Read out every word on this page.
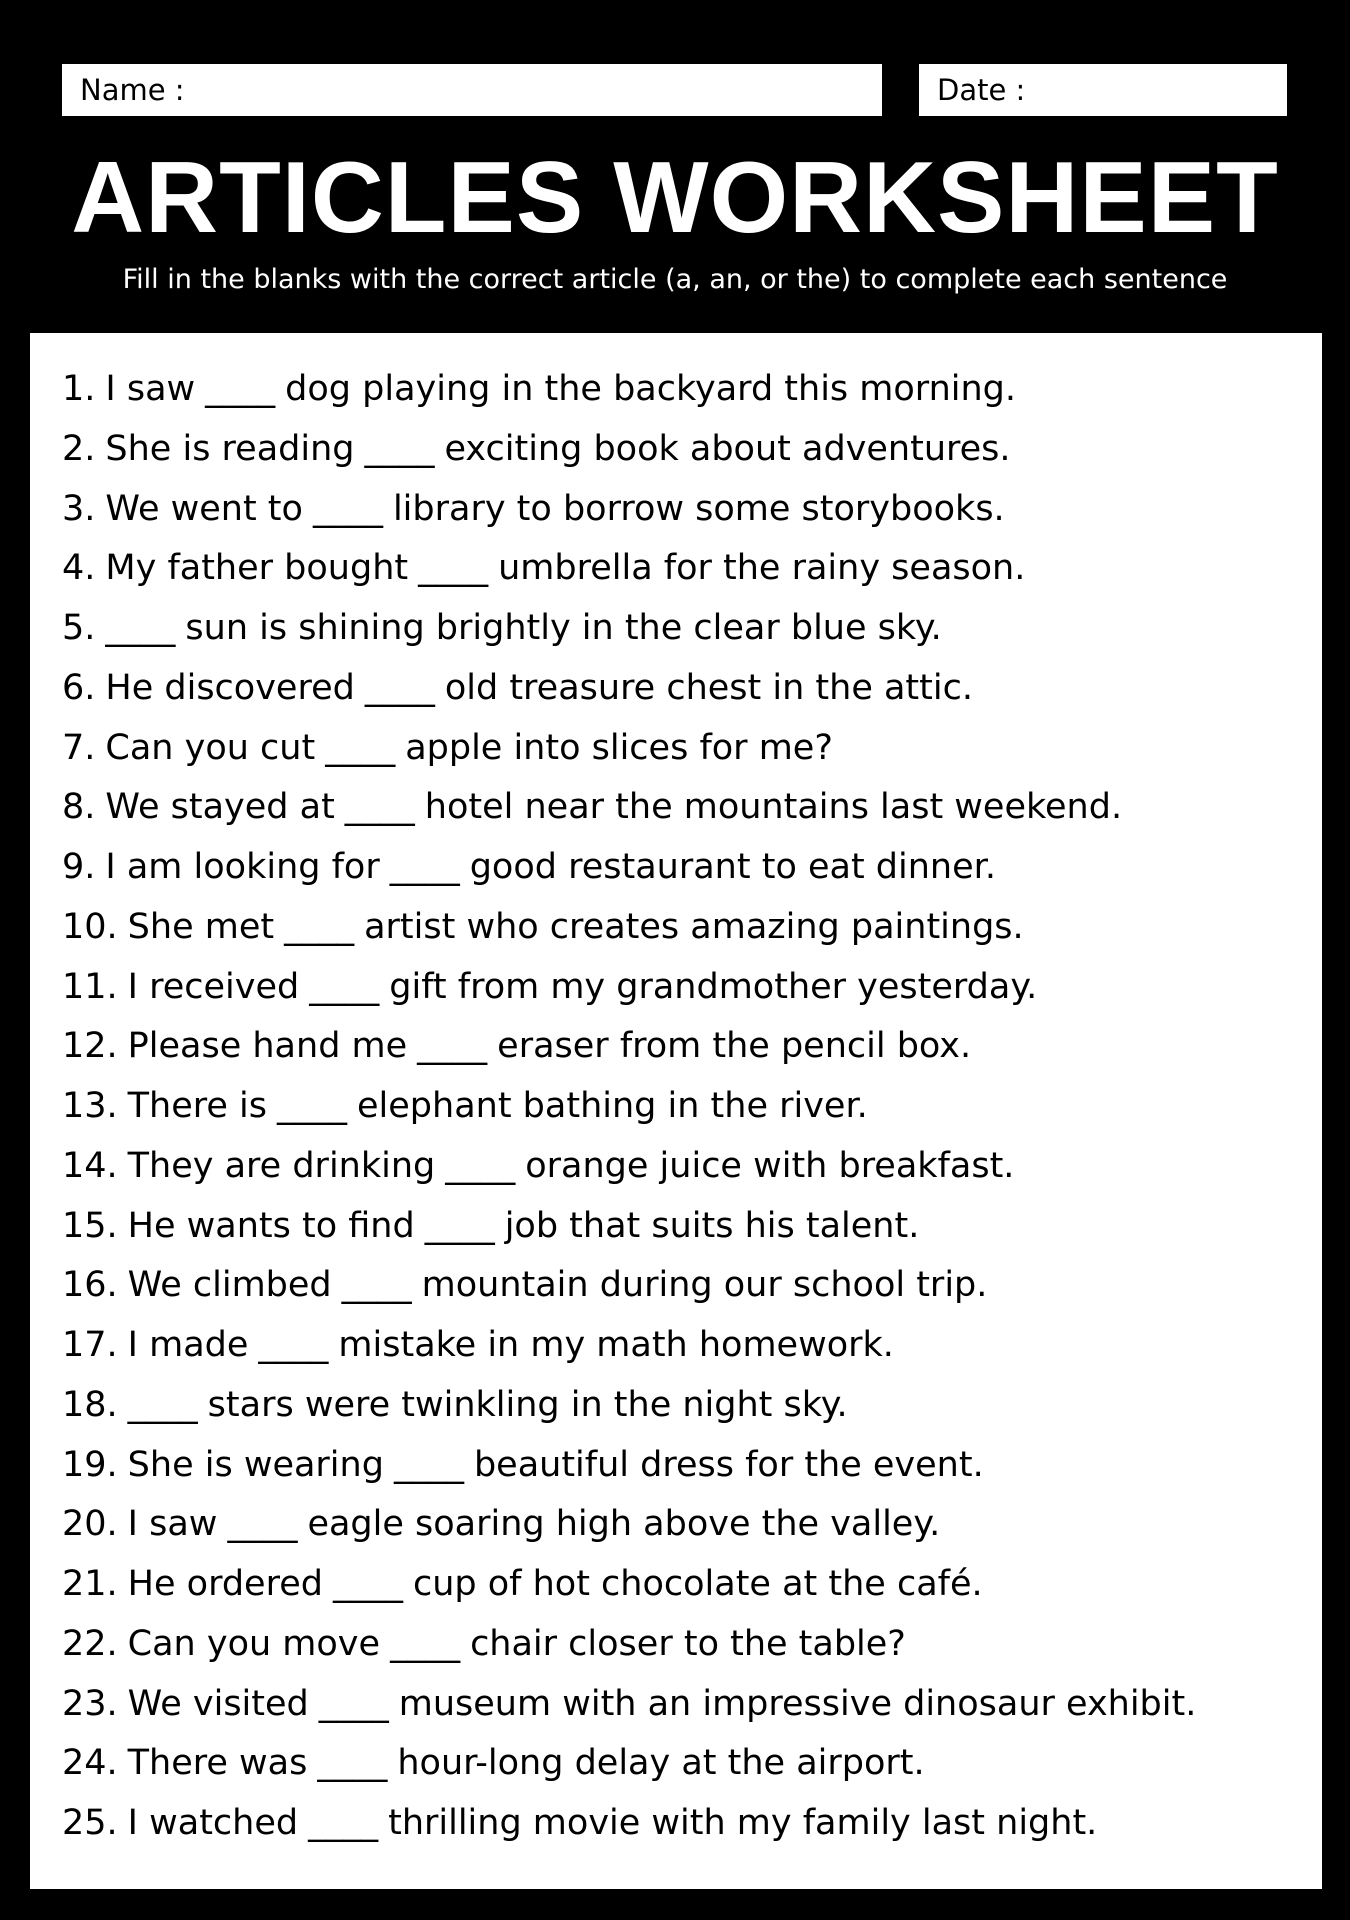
Name :	Date :
ARTICLES WORKSHEET

Fill in the blanks with the correct article (a, an, or the) to complete each sentence

1. I saw ____ dog playing in the backyard this morning.
2. She is reading ____ exciting book about adventures.
3. We went to ____ library to borrow some storybooks.
4. My father bought ____ umbrella for the rainy season.
5. ____ sun is shining brightly in the clear blue sky.
6. He discovered ____ old treasure chest in the attic.
7. Can you cut ____ apple into slices for me?
8. We stayed at ____ hotel near the mountains last weekend.
9. I am looking for ____ good restaurant to eat dinner.
10. She met ____ artist who creates amazing paintings.
11. I received ____ gift from my grandmother yesterday.
12. Please hand me ____ eraser from the pencil box.
13. There is ____ elephant bathing in the river.
14. They are drinking ____ orange juice with breakfast.
15. He wants to find ____ job that suits his talent.
16. We climbed ____ mountain during our school trip.
17. I made ____ mistake in my math homework.
18. ____ stars were twinkling in the night sky.
19. She is wearing ____ beautiful dress for the event.
20. I saw ____ eagle soaring high above the valley.
21. He ordered ____ cup of hot chocolate at the café.
22. Can you move ____ chair closer to the table?
23. We visited ____ museum with an impressive dinosaur exhibit.
24. There was ____ hour-long delay at the airport.
25. I watched ____ thrilling movie with my family last night.
